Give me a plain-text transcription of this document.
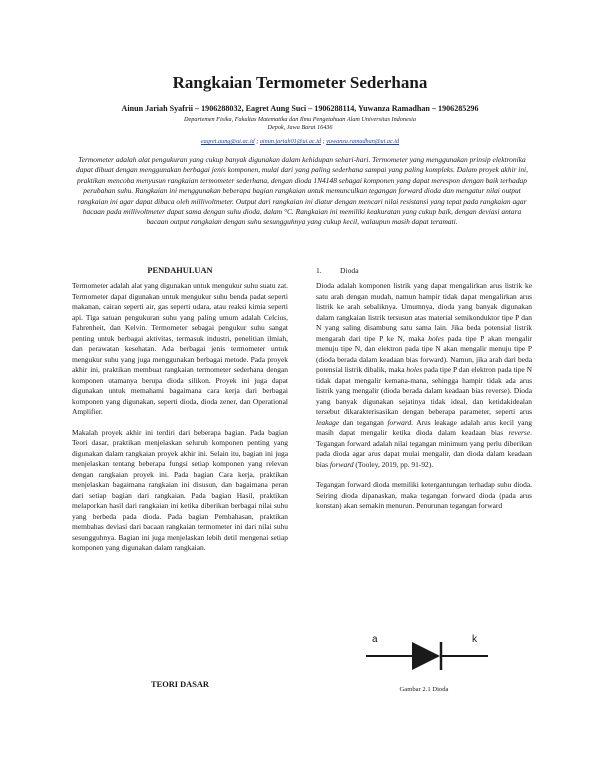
Rangkaian Termometer Sederhana
Ainun Jariah Syafrii – 1906288032, Eagret Aung Suci – 1906288114, Yuwanza Ramadhan – 1906285296
Departemen Fisika, Fakultas Matematika dan Ilmu Pengetahuan Alam Universitas Indonesia
Depok, Jawa Barat 16436
eagret.aung@ui.ac.id ; ainun.jariah01@ui.ac.id ; yuwanza.ramadhan@ui.ac.id
Termometer adalah alat pengukuran yang cukup banyak digunakan dalam kehidupan sehari-hari. Termometer yang menggunakan prinsip elektronika dapat dibuat dengan menggunakan berbagai jenis komponen, mulai dari yang paling sederhana sampai yang paling kompleks. Dalam proyek akhir ini, praktikan mencoba menyusun rangkaian termometer sederhana, dengan dioda 1N4148 sebagai komponen yang dapat merespon dengan baik terhadap perubahan suhu. Rangkaian ini menggunakan beberapa bagian rangkaian untuk memunculkan tegangan forward dioda dan mengatur nilai output rangkaian ini agar dapat dibaca oleh millivoltmeter. Output dari rangkaian ini diatur dengan mencari nilai resistansi yang tepat pada rangkaian agar bacaan pada millivoltmeter dapat sama dengan suhu dioda, dalam °C. Rangkaian ini memiliki keakuratan yang cukup baik, dengan deviasi antara bacaan output rangkaian dengan suhu sesungguhnya yang cukup kecil, walaupun masih dapat teramati.
PENDAHULUAN

Termometer adalah alat yang digunakan untuk mengukur suhu suatu zat. Termometer dapat digunakan untuk mengukur suhu benda padat seperti makanan, cairan seperti air, gas seperti udara, atau reaksi kimia seperti api. Tiga satuan pengukuran suhu yang paling umum adalah Celcius, Fahrenheit, dan Kelvin. Termometer sebagai pengukur suhu sangat penting untuk berbagai aktivitas, termasuk industri, penelitian ilmiah, dan perawatan kesehatan. Ada berbagai jenis termometer untuk mengukur suhu yang juga menggunakan berbagai metode. Pada proyek akhir ini, praktikan membuat rangkaian termometer sederhana dengan komponen utamanya berupa dioda silikon. Proyek ini juga dapat digunakan untuk memahami bagaimana cara kerja dari berbagai komponen yang digunakan, seperti dioda, dioda zener, dan Operational Amplifier.

Makalah proyek akhir ini terdiri dari beberapa bagian. Pada bagian Teori dasar, praktikan menjelaskan seluruh komponen penting yang digunakan dalam rangkaian proyek akhir ini. Selain itu, bagian ini juga menjelaskan tentang beberapa fungsi setiap komponen yang relevan dengan rangkaian proyek ini. Pada bagian Cara kerja, praktikan menjelaskan bagaimana rangkaian ini disusun, dan bagaimana peran dari setiap bagian dari rangkaian. Pada bagian Hasil, praktikan melaporkan hasil dari rangkaian ini ketika diberikan berbagai nilai suhu yang berbeda pada dioda. Pada bagian Pembahasan, praktikan membahas deviasi dari bacaan rangkaian termometer ini dari nilai suhu sesungguhnya. Bagian ini juga menjelaskan lebih detil mengenai setiap komponen yang digunakan dalam rangkaian.

TEORI DASAR
1. Dioda

Dioda adalah komponen listrik yang dapat mengalirkan arus listrik ke satu arah dengan mudah, namun hampir tidak dapat mengalirkan arus listrik ke arah sebaliknya. Umumnya, dioda yang banyak digunakan dalam rangkaian listrik tersusun atas material semikonduktor tipe P dan N yang saling disambung satu sama lain. Jika beda potensial listrik mengarah dari tipe P ke N, maka holes pada tipe P akan mengalir menuju tipe N, dan elektron pada tipe N akan mengalir menuju tipe P (dioda berada dalam keadaan bias forward). Namun, jika arah dari beda potensial listrik dibalik, maka holes pada tipe P dan elektron pada tipe N tidak dapat mengalir kemana-mana, sehingga hampir tidak ada arus listrik yang mengalir (dioda berada dalam keadaan bias reverse). Dioda yang banyak digunakan sejatinya tidak ideal, dan ketidakidealan tersebut dikarakterisasikan dengan beberapa parameter, seperti arus leakage dan tegangan forward. Arus leakage adalah arus kecil yang masih dapat mengalir ketika dioda dalam keadaan bias reverse. Tegangan forward adalah nilai tegangan minimum yang perlu diberikan pada dioda agar arus dapat mulai mengalir, dan dioda dalam keadaan bias forward (Tooley, 2019, pp. 91-92).

Tegangan forward dioda memiliki ketergantungan terhadap suhu dioda. Seiring dioda dipanaskan, maka tegangan forward dioda (pada arus konstan) akan semakin menurun. Penurunan tegangan forward

a	k
Gambar 2.1 Dioda
